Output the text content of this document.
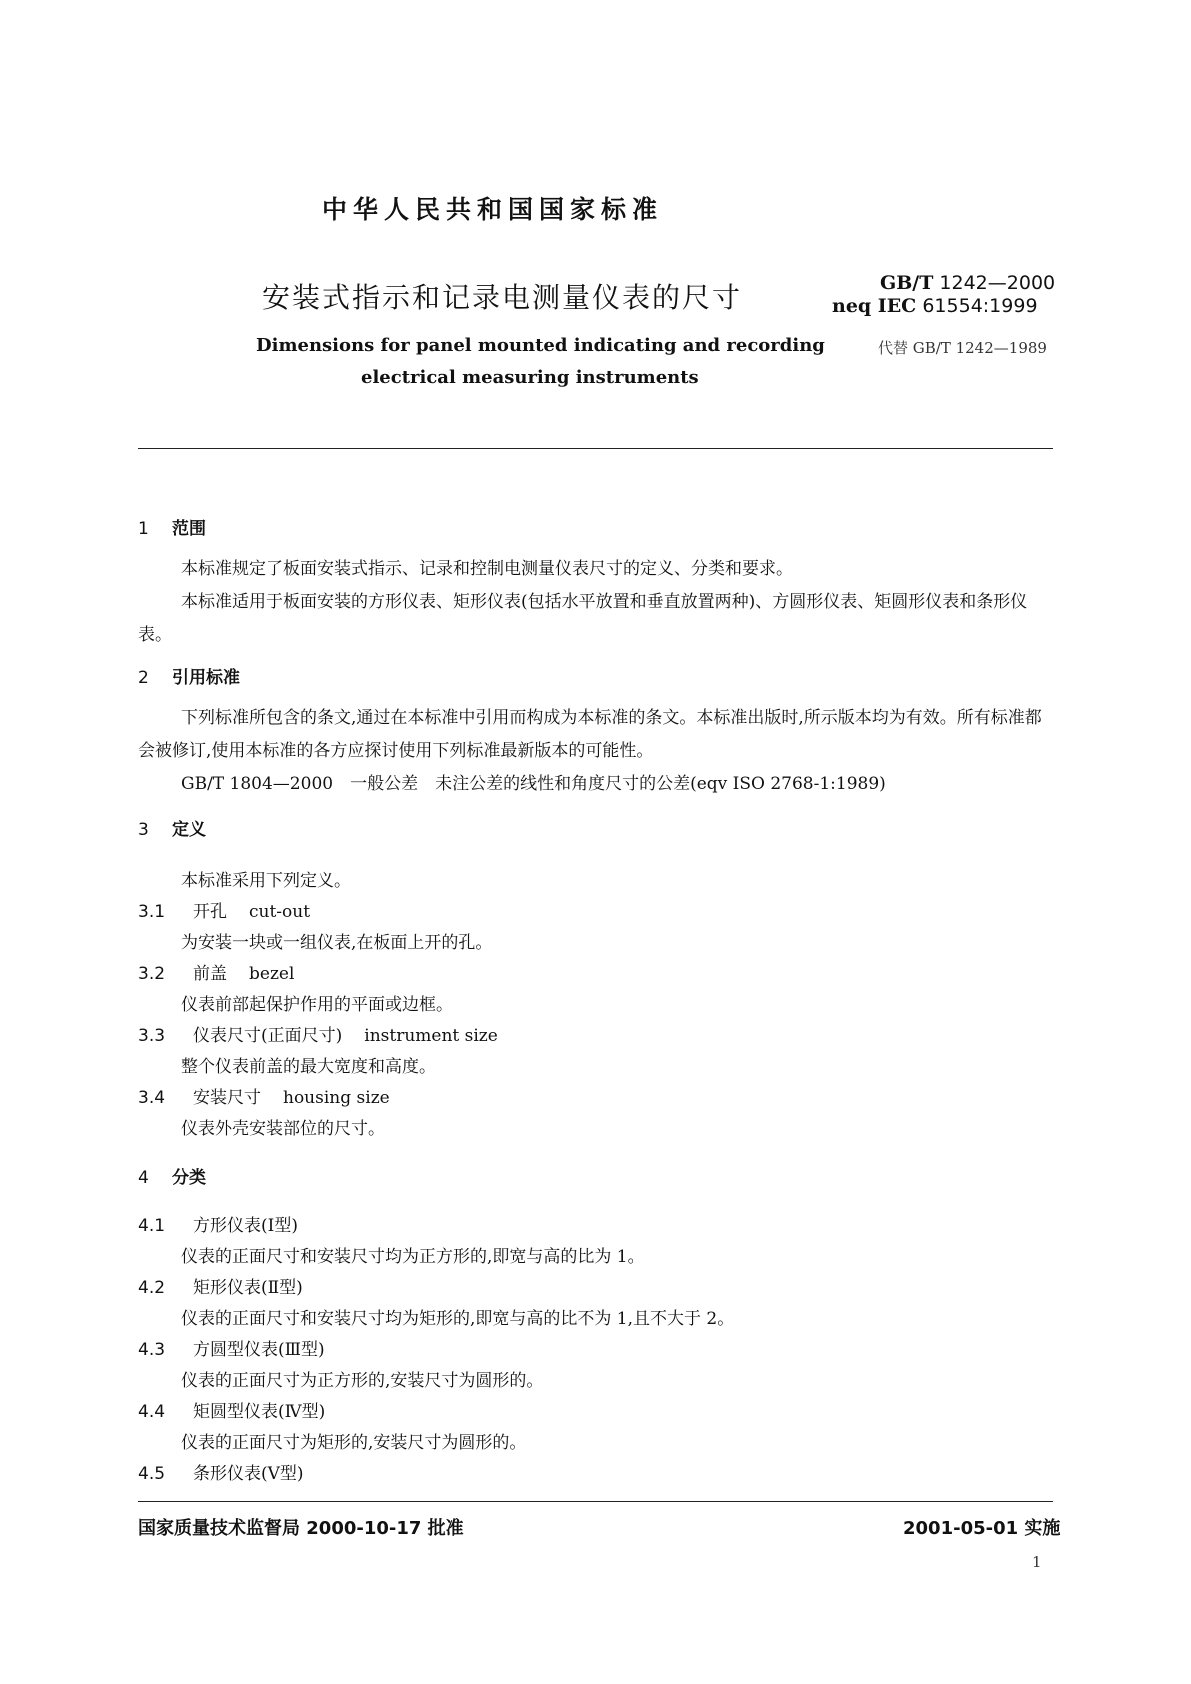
中华人民共和国国家标准
安装式指示和记录电测量仪表的尺寸	GB/T 1242—2000
neq IEC 61554:1999
Dimensions for panel mounted indicating and recording
electrical measuring instruments
代替 GB/T 1242—1989
1 范围
本标准规定了板面安装式指示、记录和控制电测量仪表尺寸的定义、分类和要求。
本标准适用于板面安装的方形仪表、矩形仪表(包括水平放置和垂直放置两种)、方圆形仪表、矩圆形仪表和条形仪表。
2 引用标准
下列标准所包含的条文,通过在本标准中引用而构成为本标准的条文。本标准出版时,所示版本均为有效。所有标准都会被修订,使用本标准的各方应探讨使用下列标准最新版本的可能性。
GB/T 1804—2000　一般公差　未注公差的线性和角度尺寸的公差(eqv ISO 2768-1:1989)
3 定义
本标准采用下列定义。
3.1 开孔 cut-out
为安装一块或一组仪表,在板面上开的孔。
3.2 前盖 bezel
仪表前部起保护作用的平面或边框。
3.3 仪表尺寸(正面尺寸) instrument size
整个仪表前盖的最大宽度和高度。
3.4 安装尺寸 housing size
仪表外壳安装部位的尺寸。
4 分类
4.1 方形仪表(Ⅰ型)
仪表的正面尺寸和安装尺寸均为正方形的,即宽与高的比为 1。
4.2 矩形仪表(Ⅱ型)
仪表的正面尺寸和安装尺寸均为矩形的,即宽与高的比不为 1,且不大于 2。
4.3 方圆型仪表(Ⅲ型)
仪表的正面尺寸为正方形的,安装尺寸为圆形的。
4.4 矩圆型仪表(Ⅳ型)
仪表的正面尺寸为矩形的,安装尺寸为圆形的。
4.5 条形仪表(Ⅴ型)
国家质量技术监督局 2000-10-17 批准	2001-05-01 实施
1
